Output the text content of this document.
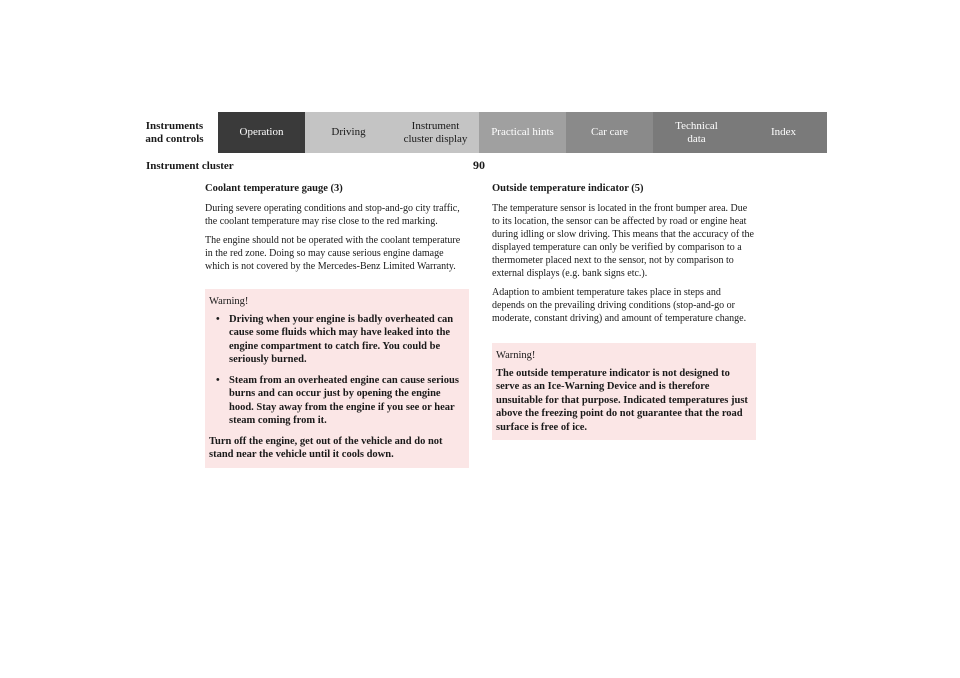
Instruments
and controls
Operation	Driving
Instrument
cluster display
Practical hints	Car care
Technical
data
Index
Instrument cluster	90
Coolant temperature gauge (3)

During severe operating conditions and stop-and-go city traffic, the coolant temperature may rise close to the red marking.

The engine should not be operated with the coolant temperature in the red zone. Doing so may cause serious engine damage which is not covered by the Mercedes-Benz Limited Warranty.

Warning!
• Driving when your engine is badly overheated can cause some fluids which may have leaked into the engine compartment to catch fire. You could be seriously burned.
• Steam from an overheated engine can cause serious burns and can occur just by opening the engine hood. Stay away from the engine if you see or hear steam coming from it.

Turn off the engine, get out of the vehicle and do not stand near the vehicle until it cools down.

Outside temperature indicator (5)

The temperature sensor is located in the front bumper area. Due to its location, the sensor can be affected by road or engine heat during idling or slow driving. This means that the accuracy of the displayed temperature can only be verified by comparison to a thermometer placed next to the sensor, not by comparison to external displays (e.g. bank signs etc.).

Adaption to ambient temperature takes place in steps and depends on the prevailing driving conditions (stop-and-go or moderate, constant driving) and amount of temperature change.

Warning!

The outside temperature indicator is not designed to serve as an Ice-Warning Device and is therefore unsuitable for that purpose. Indicated temperatures just above the freezing point do not guarantee that the road surface is free of ice.
